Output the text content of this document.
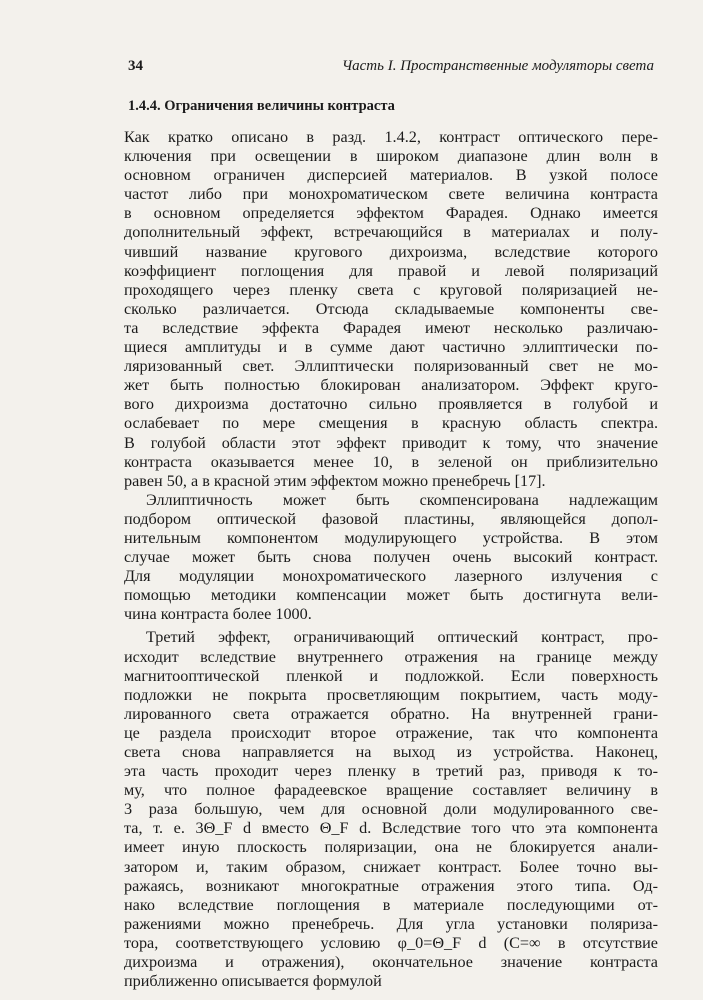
34	Часть I. Пространственные модуляторы света
1.4.4. Ограничения величины контраста
Как кратко описано в разд. 1.4.2, контраст оптического пере-
ключения при освещении в широком диапазоне длин волн в
основном ограничен дисперсией материалов. В узкой полосе
частот либо при монохроматическом свете величина контраста
в основном определяется эффектом Фарадея. Однако имеется
дополнительный эффект, встречающийся в материалах и полу-
чивший название кругового дихроизма, вследствие которого
коэффициент поглощения для правой и левой поляризаций
проходящего через пленку света с круговой поляризацией не-
сколько различается. Отсюда складываемые компоненты све-
та вследствие эффекта Фарадея имеют несколько различаю-
щиеся амплитуды и в сумме дают частично эллиптически по-
ляризованный свет. Эллиптически поляризованный свет не мо-
жет быть полностью блокирован анализатором. Эффект круго-
вого дихроизма достаточно сильно проявляется в голубой и
ослабевает по мере смещения в красную область спектра.
В голубой области этот эффект приводит к тому, что значение
контраста оказывается менее 10, в зеленой он приблизительно
равен 50, а в красной этим эффектом можно пренебречь [17].
Эллиптичность может быть скомпенсирована надлежащим
подбором оптической фазовой пластины, являющейся допол-
нительным компонентом модулирующего устройства. В этом
случае может быть снова получен очень высокий контраст.
Для модуляции монохроматического лазерного излучения с
помощью методики компенсации может быть достигнута вели-
чина контраста более 1000.
Третий эффект, ограничивающий оптический контраст, про-
исходит вследствие внутреннего отражения на границе между
магнитооптической пленкой и подложкой. Если поверхность
подложки не покрыта просветляющим покрытием, часть моду-
лированного света отражается обратно. На внутренней грани-
це раздела происходит второе отражение, так что компонента
света снова направляется на выход из устройства. Наконец,
эта часть проходит через пленку в третий раз, приводя к то-
му, что полное фарадеевское вращение составляет величину в
3 раза большую, чем для основной доли модулированного све-
та, т. е. 3Θ_F d вместо Θ_F d. Вследствие того что эта компонента
имеет иную плоскость поляризации, она не блокируется анали-
затором и, таким образом, снижает контраст. Более точно вы-
ражаясь, возникают многократные отражения этого типа. Од-
нако вследствие поглощения в материале последующими от-
ражениями можно пренебречь. Для угла установки поляриза-
тора, соответствующего условию φ_0=Θ_F d (C=∞ в отсутствие
дихроизма и отражения), окончательное значение контраста
приближенно описывается формулой
